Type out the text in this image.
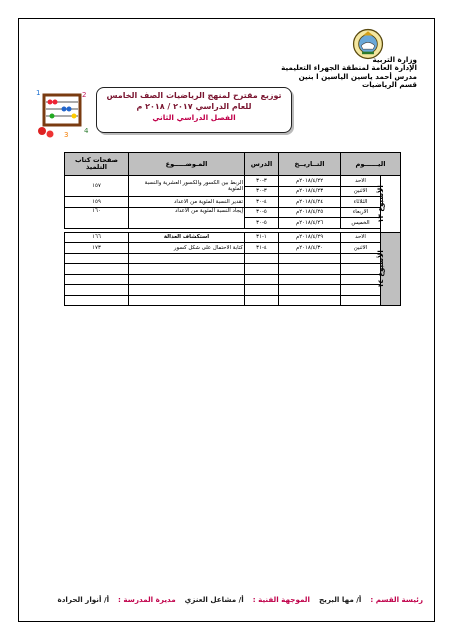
وزارة التربية
الإدارة العامة لمنطقة الجهراء التعليمية
مدرس أحمد ياسين الياسين ا بنين
قسم الرياضيات
1	2
4
3
توزيع مقترح لمنهج الرياضيات الصف الخامس
للعام الدراسي ٢٠١٧ / ٢٠١٨ م
الفصل الدراسي الثاني
اليــــــوم		التــاريــخ	الدرس	المـوضـــــوع	صفحات كتاب التلميذ
الأسبوع ١٣	الاحد	٢٠١٨/٤/٢٢م	٣-٣٠	الربط بين الكسور والكسور العشرية والنسبة المئوية	١٥٧
	الاثنين	٢٠١٨/٤/٢٣م	٣-٣٠		
	الثلاثاء	٢٠١٨/٤/٢٤م	٤-٣٠	تقدير النسبة المئوية من الاعداد	١٥٩
	الاربعاء	٢٠١٨/٤/٢٥م	٥-٣٠	إيجاد النسبة المئوية من الاعداد	١٦٠
	الخميس	٢٠١٨/٤/٢٦م	٥-٣٠		

الأسبوع ١٤	الاحد	٢٠١٨/٤/٢٩م	١-٣١	استكشاف العدالة	١٦٦
	الاثنين	٢٠١٨/٤/٣٠م	٤-٣١	كتابة الاحتمال على شكل كسور	١٧٣

رئيسة القسم :
أ/ مها البريج
الموجهة الفنية :
أ/ مشاعل العنزي
مديرة المدرسة :
أ/ أنوار الحرادة
